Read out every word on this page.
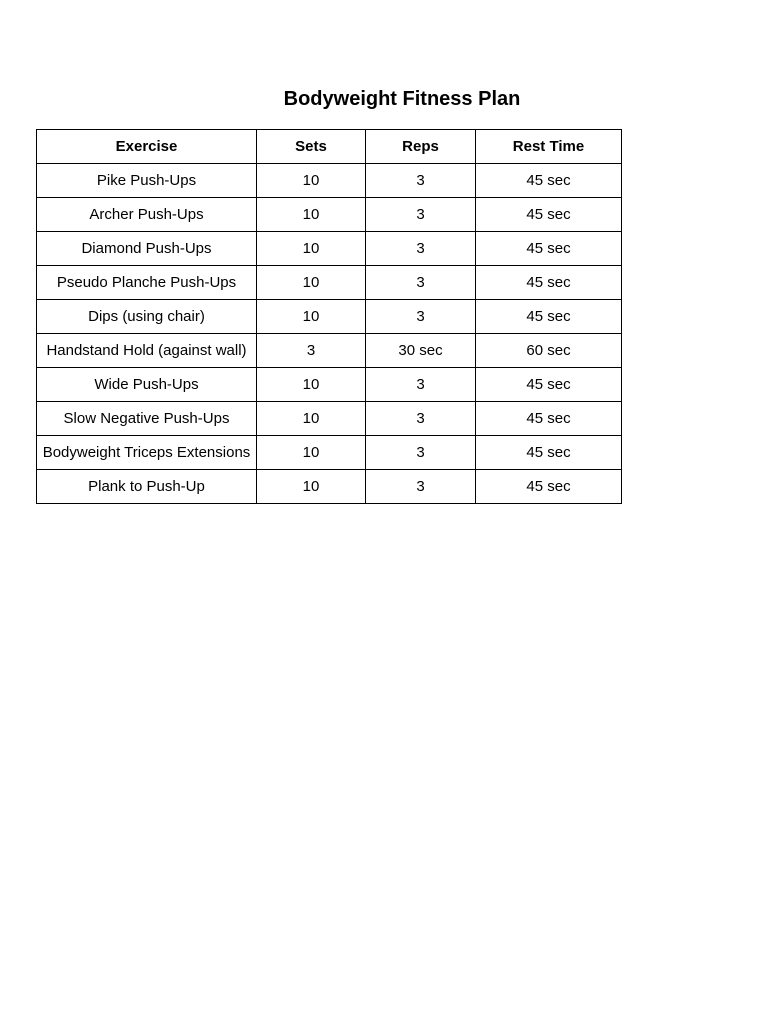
Bodyweight Fitness Plan
Exercise	Sets	Reps	Rest Time
Pike Push-Ups	10	3	45 sec
Archer Push-Ups	10	3	45 sec
Diamond Push-Ups	10	3	45 sec
Pseudo Planche Push-Ups	10	3	45 sec
Dips (using chair)	10	3	45 sec
Handstand Hold (against wall)	3	30 sec	60 sec
Wide Push-Ups	10	3	45 sec
Slow Negative Push-Ups	10	3	45 sec
Bodyweight Triceps Extensions	10	3	45 sec
Plank to Push-Up	10	3	45 sec
